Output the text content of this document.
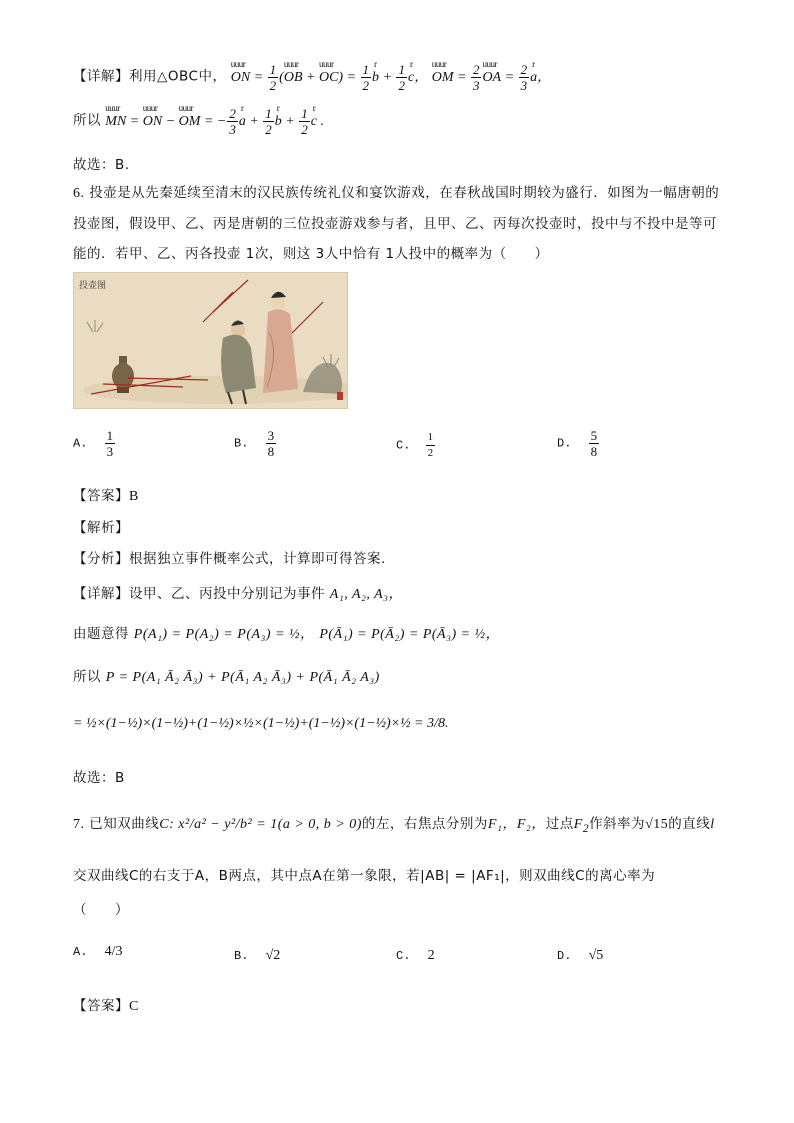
【详解】利用△OBC中， uuur ON = $\frac{1}{2}$ (uuur OB + uuur $OC) = \frac{1}{2}$ r $b + \frac{1}{2}$ r c， uuur OM = $\frac{2}{3}$ uuur OA = $\frac{2}{3}$ r a，
所以 uuur MN = uuur ON − uuur OM = − $\frac{2}{3}$ r $a + \frac{1}{2}$ r $b + \frac{1}{2}$ r c .
故选：B.
6. 投壶是从先秦延续至清末的汉民族传统礼仪和宴饮游戏，在春秋战国时期较为盛行．如图为一幅唐朝的
投壶图，假设甲、乙、丙是唐朝的三位投壶游戏参与者，且甲、乙、丙每次投壶时，投中与不投中是等可
能的．若甲、乙、丙各投壶 1次，则这 3人中恰有 1人投中的概率为（　　）
投壶图
A. $\frac{1}{3}$	B. $\frac{3}{8}$	C. $\frac{1}{2}$	D. $\frac{5}{8}$
【答案】B
【解析】
【分析】根据独立事件概率公式，计算即可得答案.
【详解】设甲、乙、丙投中分别记为事件 A₁, A₂, A₃，
由题意得 P(A₁) = P(A₂) = P(A₃) = ½， P(Ā₁) = P(Ā₂) = P(Ā₃) = ½，
所以 P = P(A₁ Ā₂ Ā₃) + P(Ā₁ A₂ Ā₃) + P(Ā₁ Ā₂ A₃)
= ½×(1−½)×(1−½)+(1−½)×½×(1−½)+(1−½)×(1−½)×½ = 3/8.
故选：B
7. 已知双曲线C: x²/a² − y²/b² = 1(a > 0, b > 0)的左，右焦点分别为F₁，F₂，过点$F_2$作斜率为√15的直线l
交双曲线C的右支于A，B两点，其中点A在第一象限，若|AB| = |AF₁|，则双曲线C的离心率为
（　　）
A. 4/3	B. √2	C. 2	D. √5
【答案】C
